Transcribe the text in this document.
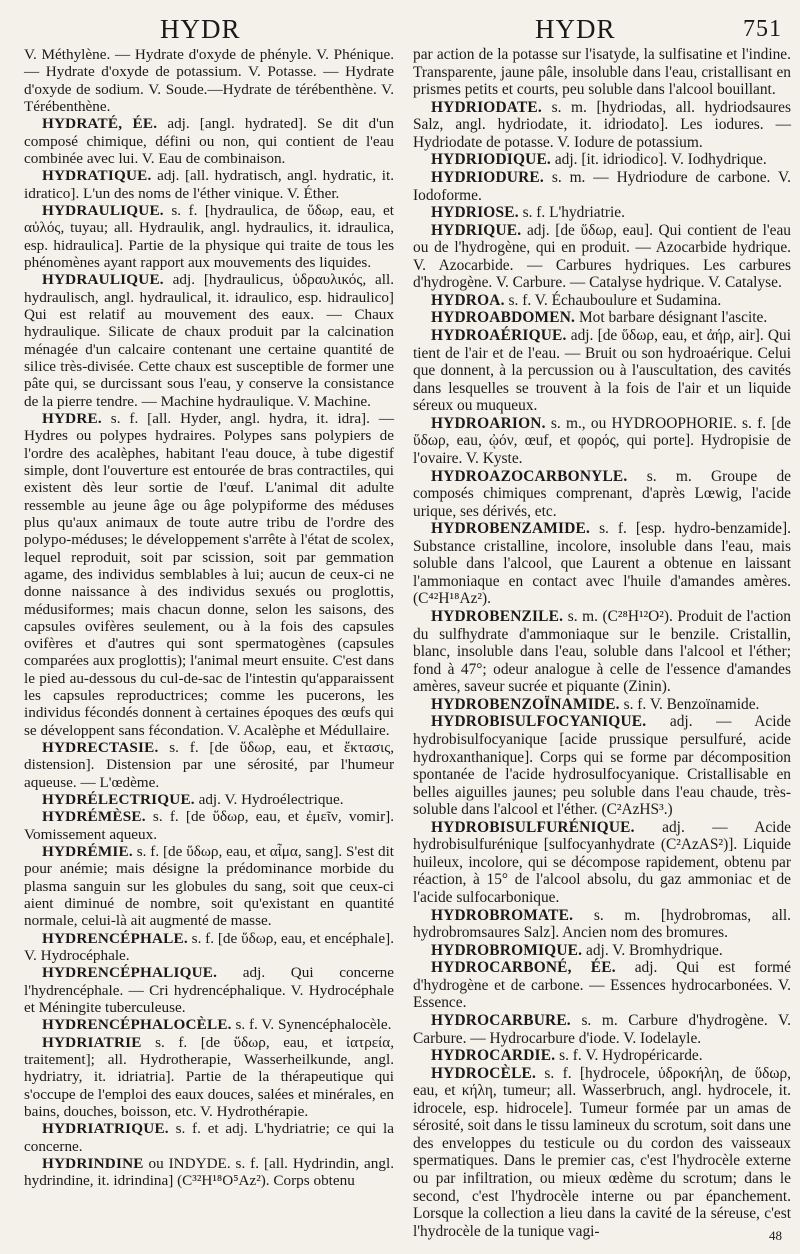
HYDR	HYDR	751

V. Méthylène. — Hydrate d'oxyde de phényle. V. Phénique. — Hydrate d'oxyde de potassium. V. Potasse. — Hydrate d'oxyde de sodium. V. Soude.—Hydrate de térébenthène. V. Térébenthène.

HYDRATÉ, ÉE. adj. [angl. hydrated]. Se dit d'un composé chimique, défini ou non, qui contient de l'eau combinée avec lui. V. Eau de combinaison.

HYDRATIQUE. adj. [all. hydratisch, angl. hydratic, it. idratico]. L'un des noms de l'éther vinique. V. Éther.

HYDRAULIQUE. s. f. [hydraulica, de ὕδωρ, eau, et αὐλός, tuyau; all. Hydraulik, angl. hydraulics, it. idraulica, esp. hidraulica]. Partie de la physique qui traite de tous les phénomènes ayant rapport aux mouvements des liquides.

HYDRAULIQUE. adj. [hydraulicus, ὑδραυλικός, all. hydraulisch, angl. hydraulical, it. idraulico, esp. hidraulico] Qui est relatif au mouvement des eaux. — Chaux hydraulique. Silicate de chaux produit par la calcination ménagée d'un calcaire contenant une certaine quantité de silice très-divisée. Cette chaux est susceptible de former une pâte qui, se durcissant sous l'eau, y conserve la consistance de la pierre tendre. — Machine hydraulique. V. Machine.

HYDRE. s. f. [all. Hyder, angl. hydra, it. idra]. — Hydres ou polypes hydraires. Polypes sans polypiers de l'ordre des acalèphes, habitant l'eau douce, à tube digestif simple, dont l'ouverture est entourée de bras contractiles, qui existent dès leur sortie de l'œuf. L'animal dit adulte ressemble au jeune âge ou âge polypiforme des méduses plus qu'aux animaux de toute autre tribu de l'ordre des polypo-méduses; le développement s'arrête à l'état de scolex, lequel reproduit, soit par scission, soit par gemmation agame, des individus semblables à lui; aucun de ceux-ci ne donne naissance à des individus sexués ou proglottis, médusiformes; mais chacun donne, selon les saisons, des capsules ovifères seulement, ou à la fois des capsules ovifères et d'autres qui sont spermatogènes (capsules comparées aux proglottis); l'animal meurt ensuite. C'est dans le pied au-dessous du cul-de-sac de l'intestin qu'apparaissent les capsules reproductrices; comme les pucerons, les individus fécondés donnent à certaines époques des œufs qui se développent sans fécondation. V. Acalèphe et Médullaire.

HYDRECTASIE. s. f. [de ὕδωρ, eau, et ἔκτασις, distension]. Distension par une sérosité, par l'humeur aqueuse. — L'œdème.

HYDRÉLECTRIQUE. adj. V. Hydroélectrique.

HYDRÉMÈSE. s. f. [de ὕδωρ, eau, et ἐμεῖν, vomir]. Vomissement aqueux.

HYDRÉMIE. s. f. [de ὕδωρ, eau, et αἷμα, sang]. S'est dit pour anémie; mais désigne la prédominance morbide du plasma sanguin sur les globules du sang, soit que ceux-ci aient diminué de nombre, soit qu'existant en quantité normale, celui-là ait augmenté de masse.

HYDRENCÉPHALE. s. f. [de ὕδωρ, eau, et encéphale]. V. Hydrocéphale.

HYDRENCÉPHALIQUE. adj. Qui concerne l'hydrencéphale. — Cri hydrencéphalique. V. Hydrocéphale et Méningite tuberculeuse.

HYDRENCÉPHALOCÈLE. s. f. V. Synencéphalocèle.

HYDRIATRIE s. f. [de ὕδωρ, eau, et ἰατρεία, traitement]; all. Hydrotherapie, Wasserheilkunde, angl. hydriatry, it. idriatria]. Partie de la thérapeutique qui s'occupe de l'emploi des eaux douces, salées et minérales, en bains, douches, boisson, etc. V. Hydrothérapie.

HYDRIATRIQUE. s. f. et adj. L'hydriatrie; ce qui la concerne.

HYDRINDINE ou INDYDE. s. f. [all. Hydrindin, angl. hydrindine, it. idrindina] (C³²H¹⁸O⁵Az²). Corps obtenu

par action de la potasse sur l'isatyde, la sulfisatine et l'indine. Transparente, jaune pâle, insoluble dans l'eau, cristallisant en prismes petits et courts, peu soluble dans l'alcool bouillant.

HYDRIODATE. s. m. [hydriodas, all. hydriodsaures Salz, angl. hydriodate, it. idriodato]. Les iodures. — Hydriodate de potasse. V. Iodure de potassium.

HYDRIODIQUE. adj. [it. idriodico]. V. Iodhydrique.

HYDRIODURE. s. m. — Hydriodure de carbone. V. Iodoforme.

HYDRIOSE. s. f. L'hydriatrie.

HYDRIQUE. adj. [de ὕδωρ, eau]. Qui contient de l'eau ou de l'hydrogène, qui en produit. — Azocarbide hydrique. V. Azocarbide. — Carbures hydriques. Les carbures d'hydrogène. V. Carbure. — Catalyse hydrique. V. Catalyse.

HYDROA. s. f. V. Échauboulure et Sudamina.

HYDROABDOMEN. Mot barbare désignant l'ascite.

HYDROAÉRIQUE. adj. [de ὕδωρ, eau, et ἀήρ, air]. Qui tient de l'air et de l'eau. — Bruit ou son hydroaérique. Celui que donnent, à la percussion ou à l'auscultation, des cavités dans lesquelles se trouvent à la fois de l'air et un liquide séreux ou muqueux.

HYDROARION. s. m., ou HYDROOPHORIE. s. f. [de ὕδωρ, eau, ᾠόν, œuf, et φορός, qui porte]. Hydropisie de l'ovaire. V. Kyste.

HYDROAZOCARBONYLE. s. m. Groupe de composés chimiques comprenant, d'après Lœwig, l'acide urique, ses dérivés, etc.

HYDROBENZAMIDE. s. f. [esp. hydro-benzamide]. Substance cristalline, incolore, insoluble dans l'eau, mais soluble dans l'alcool, que Laurent a obtenue en laissant l'ammoniaque en contact avec l'huile d'amandes amères. (C⁴²H¹⁸Az²).

HYDROBENZILE. s. m. (C²⁸H¹²O²). Produit de l'action du sulfhydrate d'ammoniaque sur le benzile. Cristallin, blanc, insoluble dans l'eau, soluble dans l'alcool et l'éther; fond à 47°; odeur analogue à celle de l'essence d'amandes amères, saveur sucrée et piquante (Zinin).

HYDROBENZOÏNAMIDE. s. f. V. Benzoïnamide.

HYDROBISULFOCYANIQUE. adj. — Acide hydrobisulfocyanique [acide prussique persulfuré, acide hydroxanthanique]. Corps qui se forme par décomposition spontanée de l'acide hydrosulfocyanique. Cristallisable en belles aiguilles jaunes; peu soluble dans l'eau chaude, très-soluble dans l'alcool et l'éther. (C²AzHS³.)

HYDROBISULFURÉNIQUE. adj. — Acide hydrobisulfurénique [sulfocyanhydrate (C²AzAS²)]. Liquide huileux, incolore, qui se décompose rapidement, obtenu par réaction, à 15° de l'alcool absolu, du gaz ammoniac et de l'acide sulfocarbonique.

HYDROBROMATE. s. m. [hydrobromas, all. hydrobromsaures Salz]. Ancien nom des bromures.

HYDROBROMIQUE. adj. V. Bromhydrique.

HYDROCARBONÉ, ÉE. adj. Qui est formé d'hydrogène et de carbone. — Essences hydrocarbonées. V. Essence.

HYDROCARBURE. s. m. Carbure d'hydrogène. V. Carbure. — Hydrocarbure d'iode. V. Iodelayle.

HYDROCARDIE. s. f. V. Hydropéricarde.

HYDROCÈLE. s. f. [hydrocele, ὑδροκήλη, de ὕδωρ, eau, et κήλη, tumeur; all. Wasserbruch, angl. hydrocele, it. idrocele, esp. hidrocele]. Tumeur formée par un amas de sérosité, soit dans le tissu lamineux du scrotum, soit dans une des enveloppes du testicule ou du cordon des vaisseaux spermatiques. Dans le premier cas, c'est l'hydrocèle externe ou par infiltration, ou mieux œdème du scrotum; dans le second, c'est l'hydrocèle interne ou par épanchement. Lorsque la collection a lieu dans la cavité de la séreuse, c'est l'hydrocèle de la tunique vagi-	48
